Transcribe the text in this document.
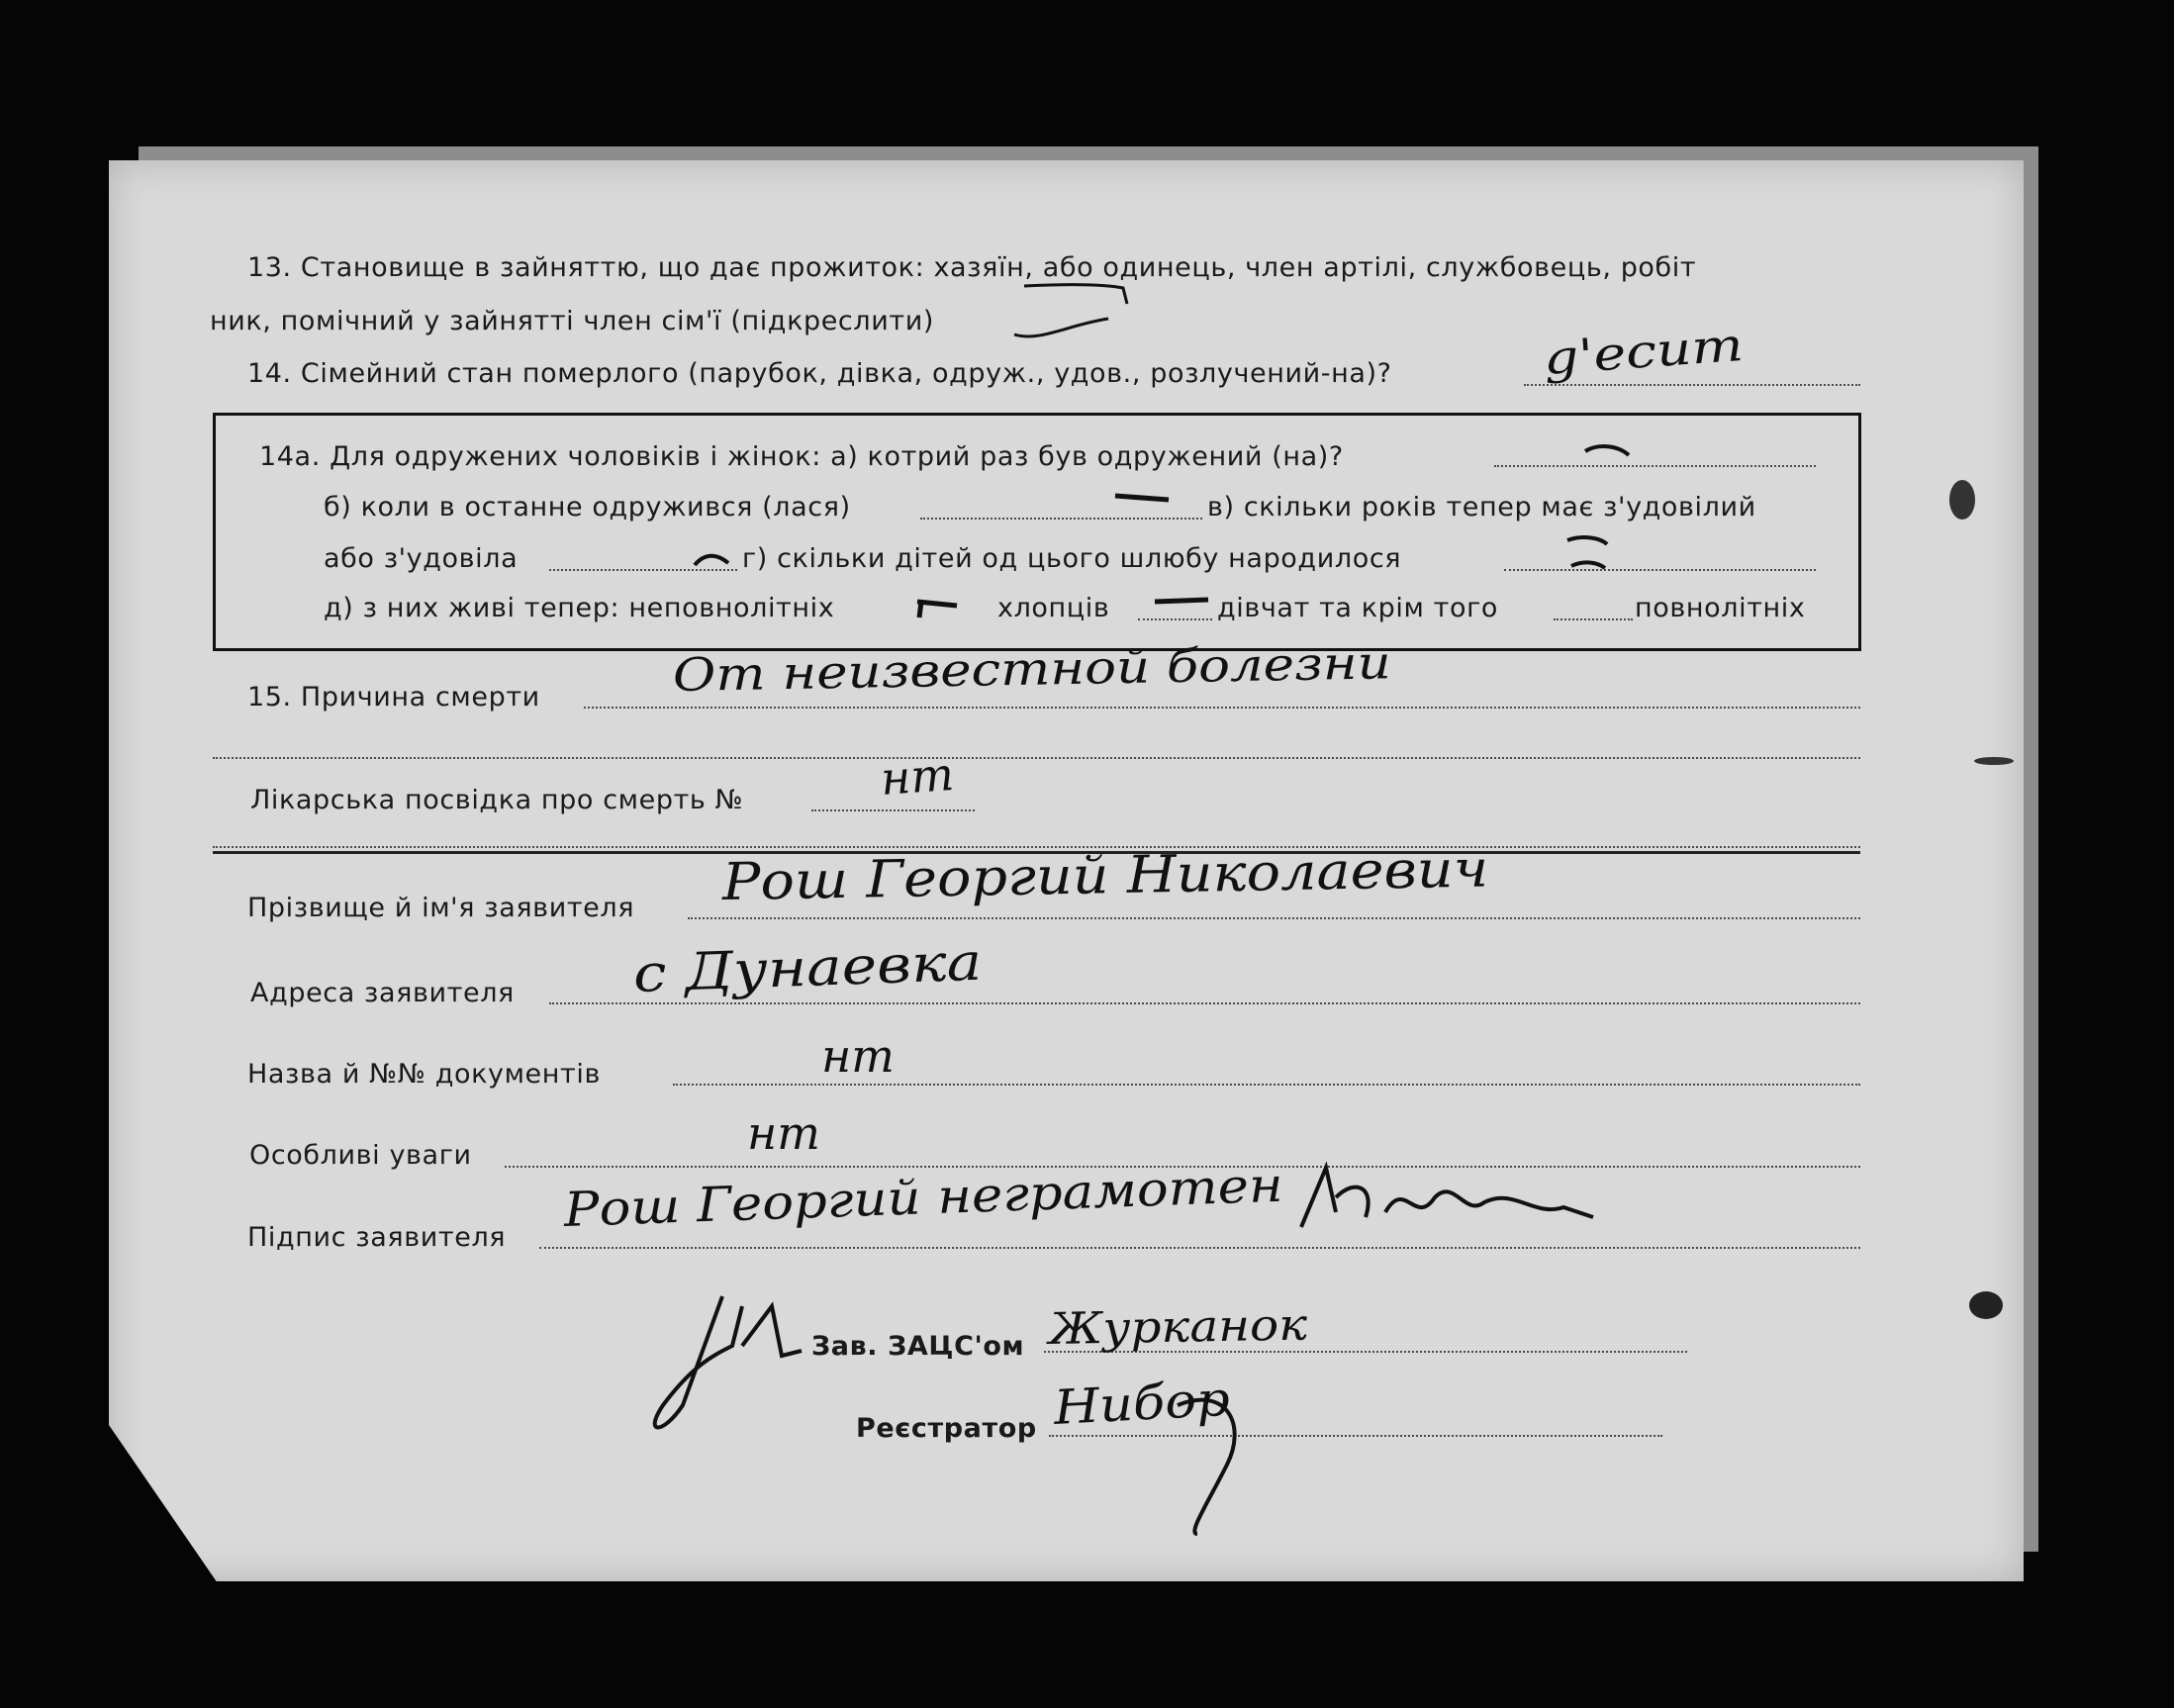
13. Становище в зайняттю, що дає прожиток: хазяїн, або одинець, член артілі, службовець, робіт
ник, помічний у зайнятті член сім'ї (підкреслити)
14. Сімейний стан померлого (парубок, дівка, одруж., удов., розлучений-на)?	g'eсит
14а. Для одружених чоловіків і жінок: а) котрий раз був одружений (на)?
б) коли в останне одружився (лася)	в) скільки років тепер має з'удовілий
або з'удовіла	г) скільки дітей од цього шлюбу народилося
д) з них живі тепер: неповнолітніх	хлопців	дівчат та крім того	повнолітніх
15. Причина смерти	От неизвестной болезни
Лікарська посвідка про смерть №	нт
Прізвище й ім'я заявителя Рош Георгий Николаевич
Адреса заявителя с Дунаевка
Назва й №№ документів	нт
Особливі уваги	нт
Підпис заявителя Рош Георгий неграмотен
Зав. ЗАЦС'ом Журканок
Реєстратор Нибор
